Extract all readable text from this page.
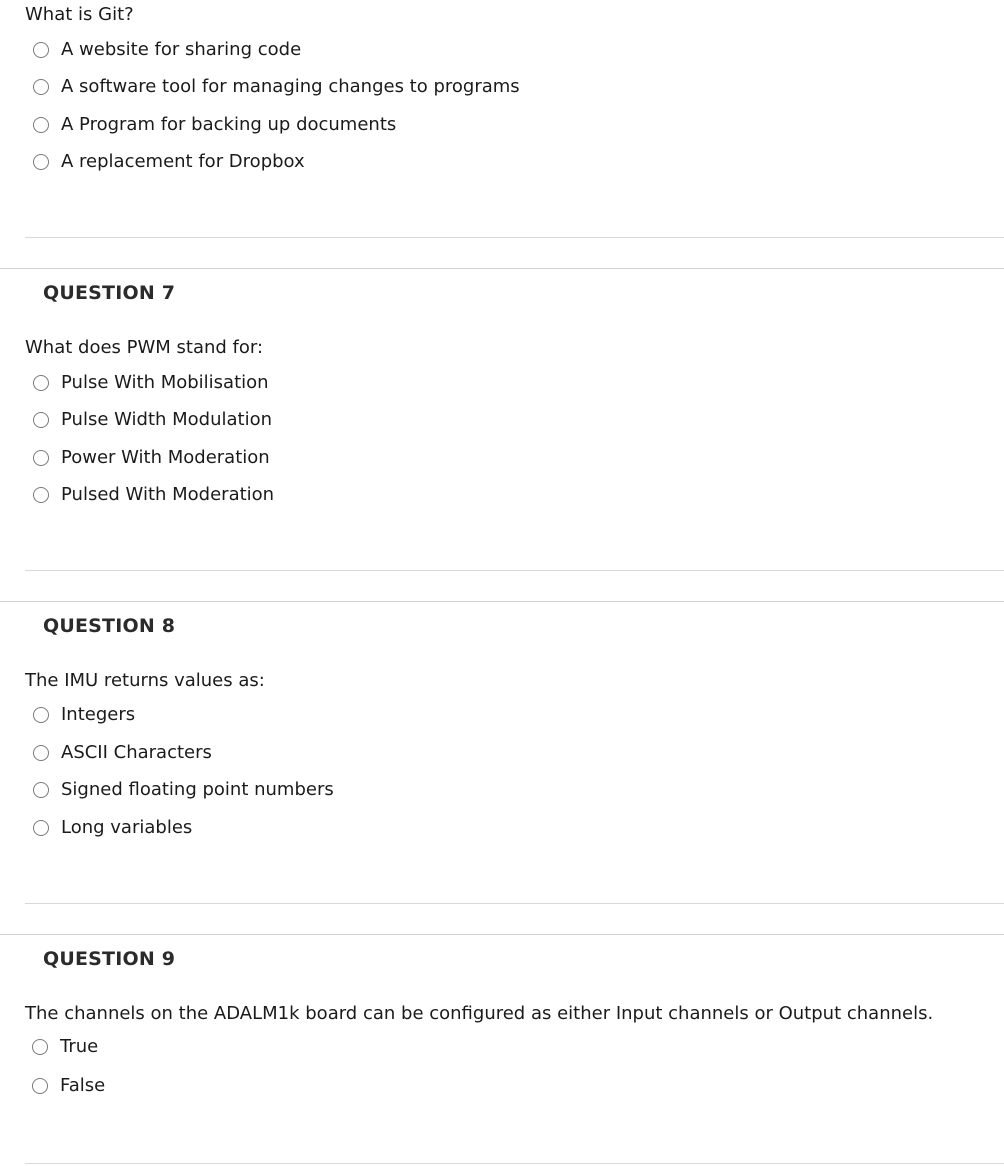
What is Git?
A website for sharing code
A software tool for managing changes to programs
A Program for backing up documents
A replacement for Dropbox
QUESTION 7
What does PWM stand for:
Pulse With Mobilisation
Pulse Width Modulation
Power With Moderation
Pulsed With Moderation
QUESTION 8
The IMU returns values as:
Integers
ASCII Characters
Signed floating point numbers
Long variables
QUESTION 9
The channels on the ADALM1k board can be configured as either Input channels or Output channels.
True
False
